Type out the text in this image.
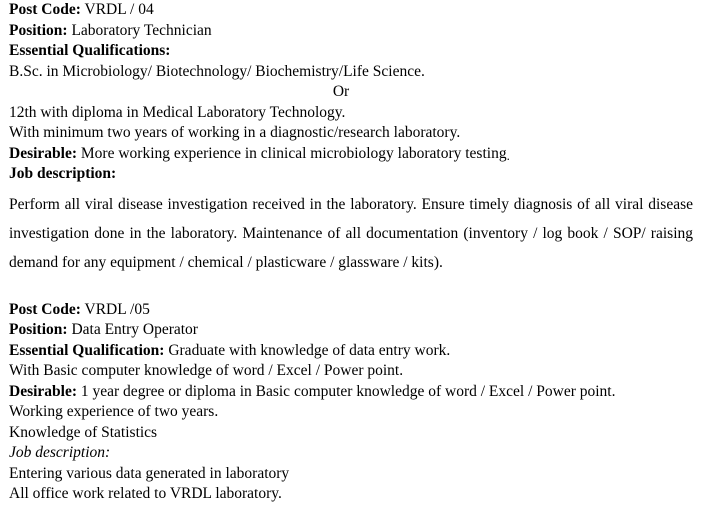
Post Code: VRDL / 04
Position: Laboratory Technician
Essential Qualifications:
B.Sc. in Microbiology/ Biotechnology/ Biochemistry/Life Science.
Or
12th with diploma in Medical Laboratory Technology.
With minimum two years of working in a diagnostic/research laboratory.
Desirable: More working experience in clinical microbiology laboratory testing.
Job description:
Perform all viral disease investigation received in the laboratory. Ensure timely diagnosis of all viral disease investigation done in the laboratory. Maintenance of all documentation (inventory / log book / SOP/ raising demand for any equipment / chemical / plasticware / glassware / kits).
Post Code: VRDL /05
Position: Data Entry Operator
Essential Qualification: Graduate with knowledge of data entry work.
With Basic computer knowledge of word / Excel / Power point.
Desirable: 1 year degree or diploma in Basic computer knowledge of word / Excel / Power point.
Working experience of two years.
Knowledge of Statistics
Job description:
Entering various data generated in laboratory
All office work related to VRDL laboratory.
